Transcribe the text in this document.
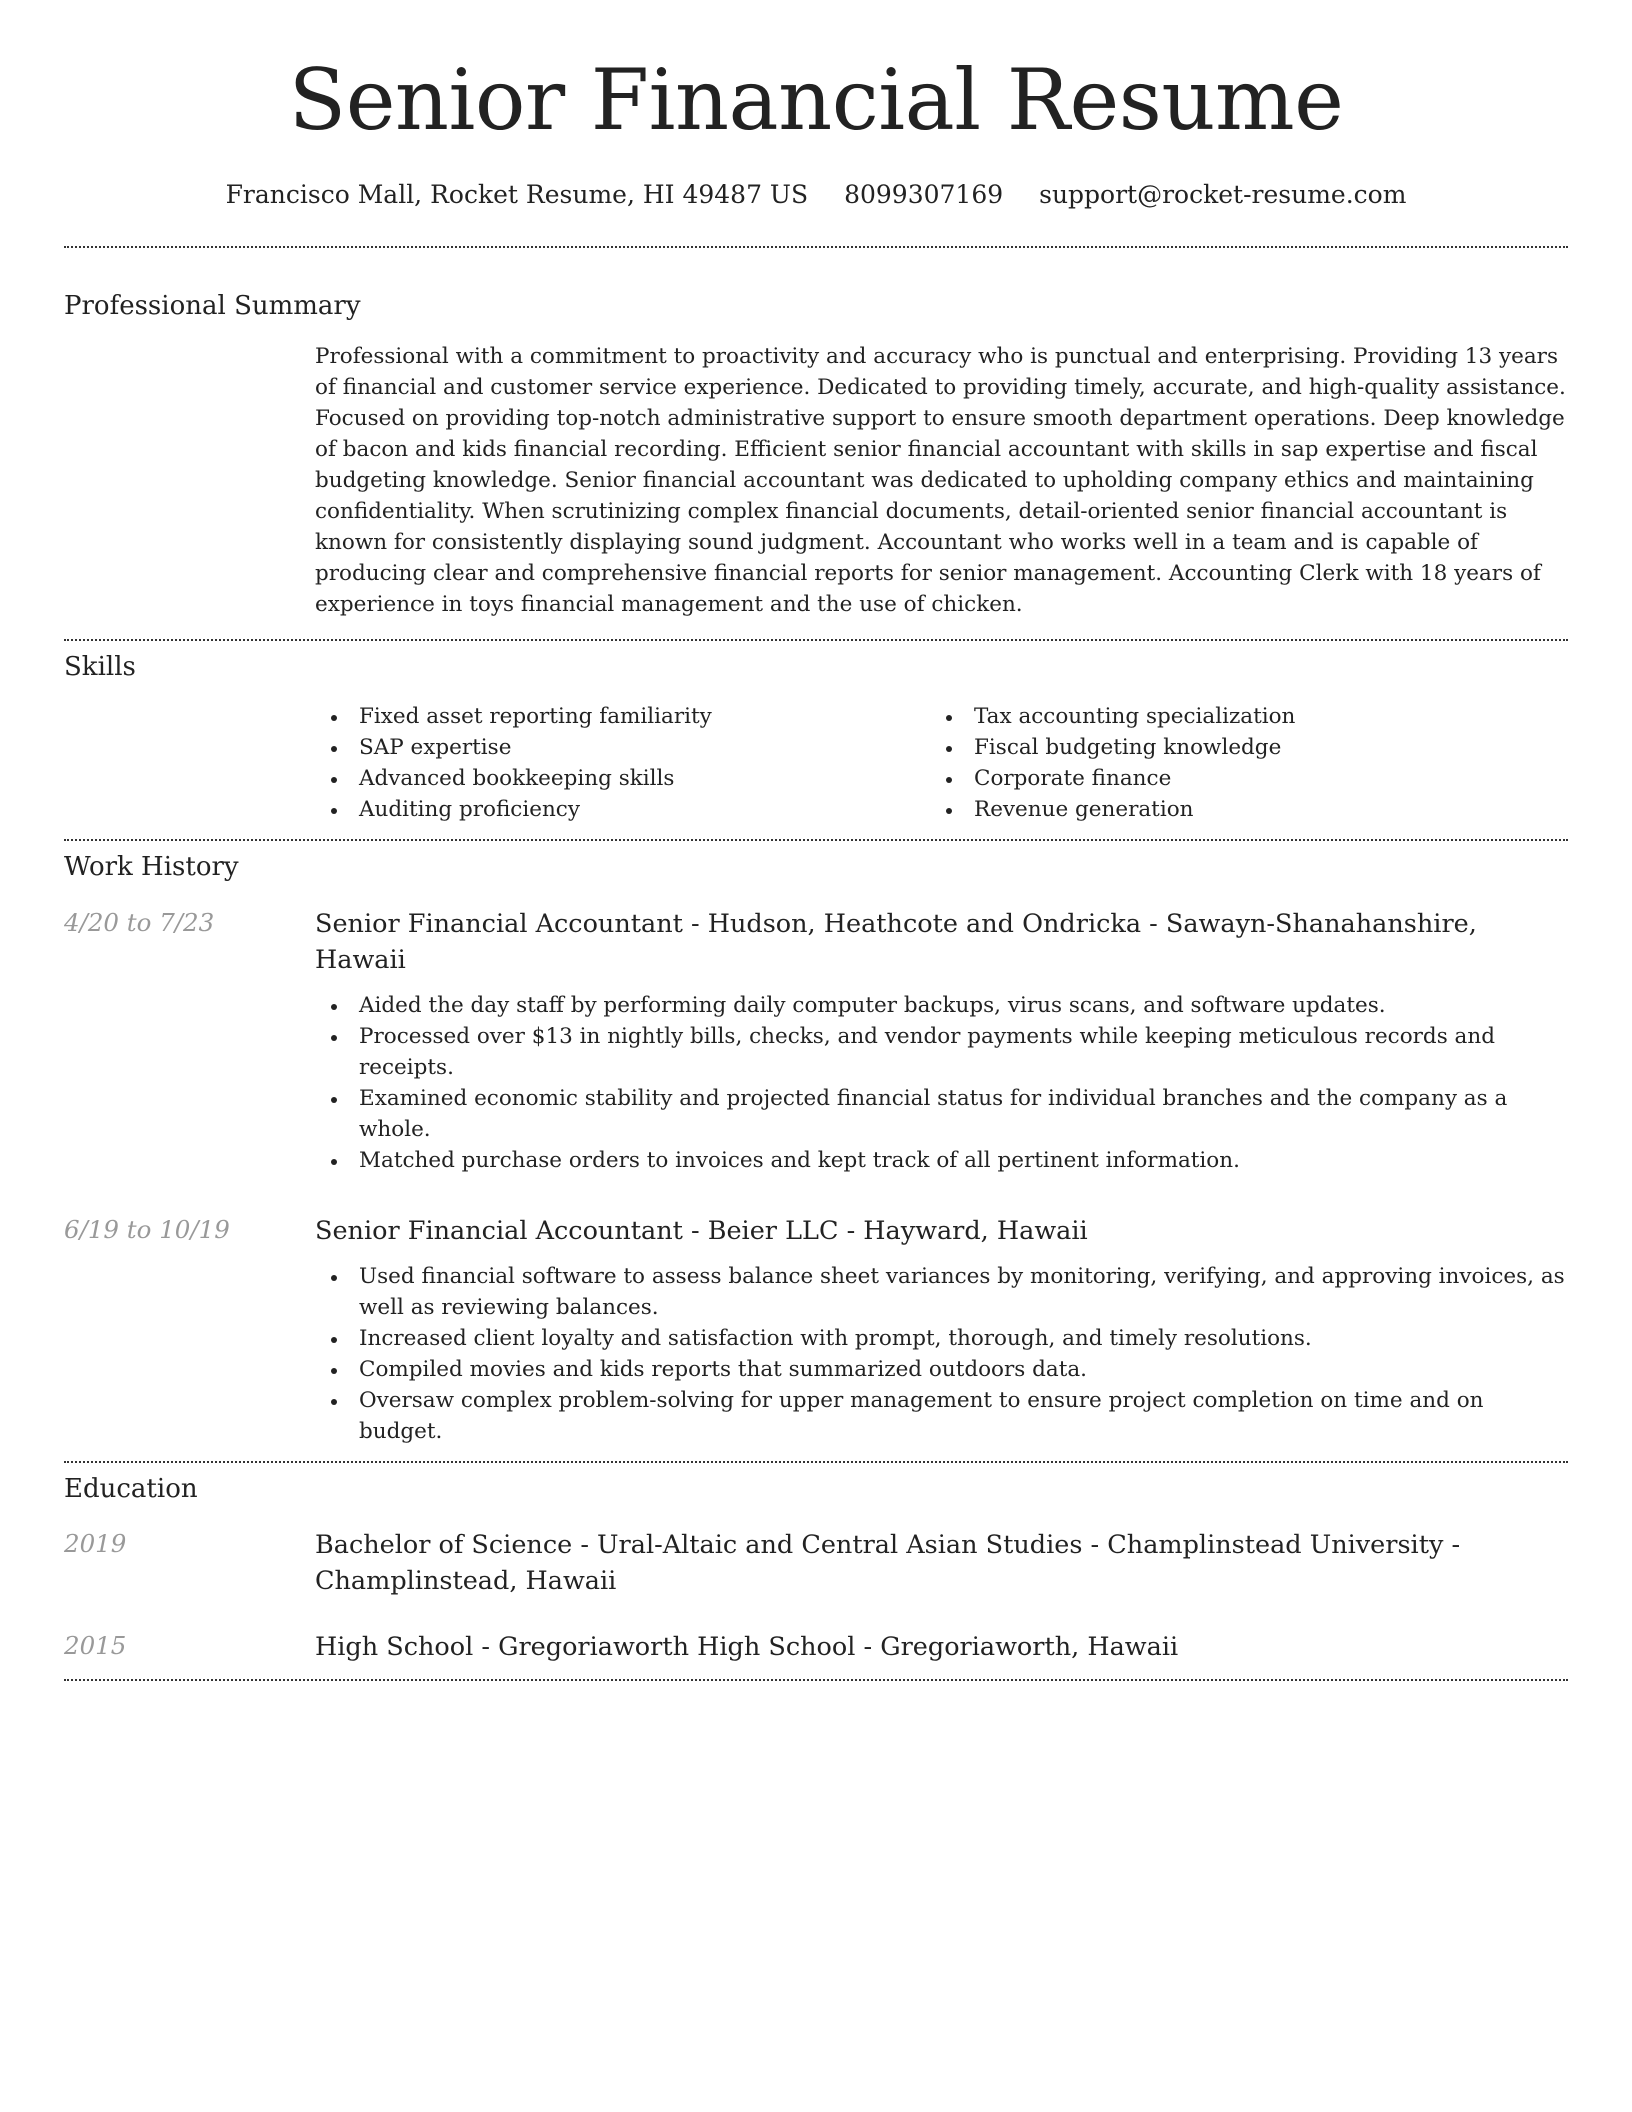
Senior Financial Resume
Francisco Mall, Rocket Resume, HI 49487 US 8099307169 support@rocket-resume.com
Professional Summary
Professional with a commitment to proactivity and accuracy who is punctual and enterprising. Providing 13 years of financial and customer service experience. Dedicated to providing timely, accurate, and high-quality assistance. Focused on providing top-notch administrative support to ensure smooth department operations. Deep knowledge of bacon and kids financial recording. Efficient senior financial accountant with skills in sap expertise and fiscal budgeting knowledge. Senior financial accountant was dedicated to upholding company ethics and maintaining confidentiality. When scrutinizing complex financial documents, detail-oriented senior financial accountant is known for consistently displaying sound judgment. Accountant who works well in a team and is capable of producing clear and comprehensive financial reports for senior management. Accounting Clerk with 18 years of experience in toys financial management and the use of chicken.
Skills
Fixed asset reporting familiarity
SAP expertise
Advanced bookkeeping skills
Auditing proficiency
Tax accounting specialization
Fiscal budgeting knowledge
Corporate finance
Revenue generation
Work History
4/20 to 7/23	Senior Financial Accountant - Hudson, Heathcote and Ondricka - Sawayn-Shanahanshire, Hawaii
Aided the day staff by performing daily computer backups, virus scans, and software updates.
Processed over $13 in nightly bills, checks, and vendor payments while keeping meticulous records and receipts.
Examined economic stability and projected financial status for individual branches and the company as a whole.
Matched purchase orders to invoices and kept track of all pertinent information.
6/19 to 10/19	Senior Financial Accountant - Beier LLC - Hayward, Hawaii
Used financial software to assess balance sheet variances by monitoring, verifying, and approving invoices, as well as reviewing balances.
Increased client loyalty and satisfaction with prompt, thorough, and timely resolutions.
Compiled movies and kids reports that summarized outdoors data.
Oversaw complex problem-solving for upper management to ensure project completion on time and on budget.
Education
2019	Bachelor of Science - Ural-Altaic and Central Asian Studies - Champlinstead University - Champlinstead, Hawaii
2015	High School - Gregoriaworth High School - Gregoriaworth, Hawaii
